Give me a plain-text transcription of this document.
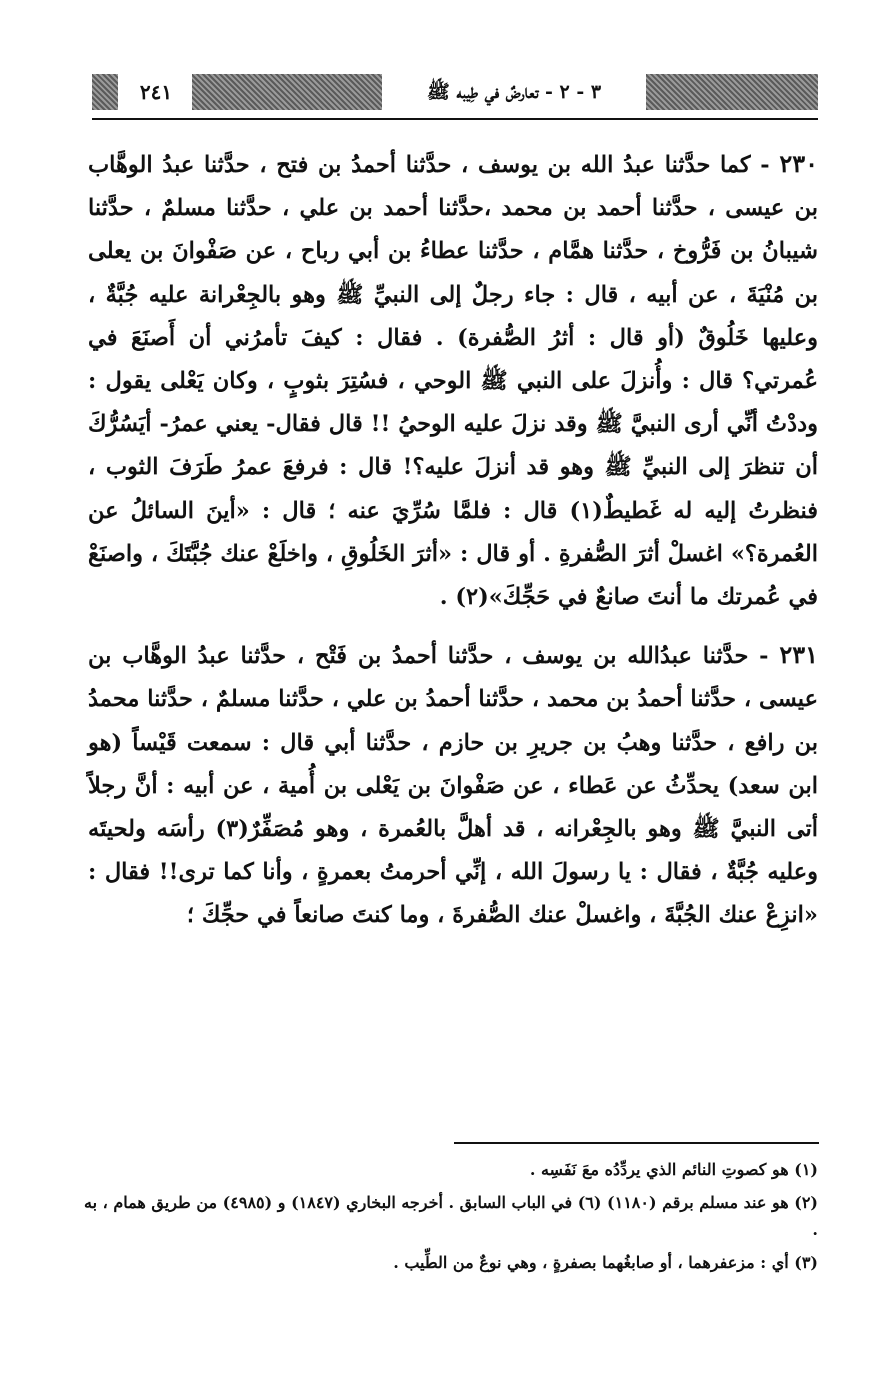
٢٤١	٣ - ٢ - تعارضٌ في طِيبه ﷺ

٢٣٠ - كما حدَّثنا عبدُ الله بن يوسف ، حدَّثنا أحمدُ بن فتح ، حدَّثنا عبدُ الوهَّاب بن عيسى ، حدَّثنا أحمد بن محمد ،حدَّثنا أحمد بن علي ، حدَّثنا مسلمٌ ، حدَّثنا شيبانُ بن فَرُّوخ ، حدَّثنا همَّام ، حدَّثنا عطاءُ بن أبي رباح ، عن صَفْوانَ بن يعلى بن مُنْيَةَ ، عن أبيه ، قال : جاء رجلٌ إلى النبيِّ ﷺ وهو بالجِعْرانة عليه جُبَّةٌ ، وعليها خَلُوقٌ (أو قال : أثرُ الصُّفرة) . فقال : كيفَ تأمرُني أن أَصنَعَ في عُمرتي؟ قال : وأُنزلَ على النبي ﷺ الوحي ، فسُتِرَ بثوبٍ ، وكان يَعْلى يقول : وددْتُ أنِّي أرى النبيَّ ﷺ وقد نزلَ عليه الوحيُ !! قال فقال- يعني عمرُ- أيَسُرُّكَ أن تنظرَ إلى النبيِّ ﷺ وهو قد أنزلَ عليه؟! قال : فرفعَ عمرُ طَرَفَ الثوب ، فنظرتُ إليه له غَطيطٌ(١) قال : فلمَّا سُرِّيَ عنه ؛ قال : «أينَ السائلُ عن العُمرة؟» اغسلْ أثرَ الصُّفرةِ . أو قال : «أثرَ الخَلُوقِ ، واخلَعْ عنك جُبَّتَكَ ، واصنَعْ في عُمرتك ما أنتَ صانعٌ في حَجِّكَ»(٢) .

٢٣١ - حدَّثنا عبدُالله بن يوسف ، حدَّثنا أحمدُ بن فَتْح ، حدَّثنا عبدُ الوهَّاب بن عيسى ، حدَّثنا أحمدُ بن محمد ، حدَّثنا أحمدُ بن علي ، حدَّثنا مسلمٌ ، حدَّثنا محمدُ بن رافع ، حدَّثنا وهبُ بن جريرِ بن حازم ، حدَّثنا أبي قال : سمعت قَيْساً (هو ابن سعد) يحدِّثُ عن عَطاء ، عن صَفْوانَ بن يَعْلى بن أُمية ، عن أبيه : أنَّ رجلاً أتى النبيَّ ﷺ وهو بالجِعْرانه ، قد أهلَّ بالعُمرة ، وهو مُصَفِّرٌ(٣) رأسَه ولحيتَه وعليه جُبَّةٌ ، فقال : يا رسولَ الله ، إنِّي أحرمتُ بعمرةٍ ، وأنا كما ترى!! فقال : «انزِعْ عنك الجُبَّةَ ، واغسلْ عنك الصُّفرةَ ، وما كنتَ صانعاً في حجِّكَ ؛

(١) هو كصوتِ النائم الذي يردِّدُه معَ نَفَسِه .

(٢) هو عند مسلم برقم (١١٨٠) (٦) في الباب السابق . أخرجه البخاري (١٨٤٧) و (٤٩٨٥) من طريق همام ، به .

(٣) أي : مزعفرهما ، أو صابغُهما بصفرةٍ ، وهي نوعٌ من الطِّيب .
